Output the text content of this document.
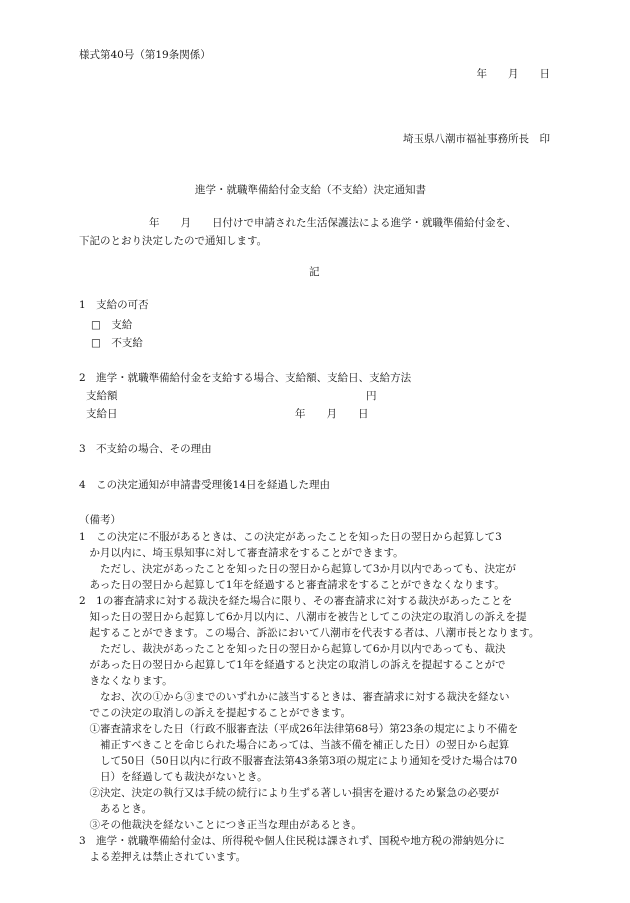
様式第40号（第19条関係）
年　　月　　日
埼玉県八潮市福祉事務所長　印
進学・就職準備給付金支給（不支給）決定通知書
年　　月　　日付けで申請された生活保護法による進学・就職準備給付金を、
下記のとおり決定したので通知します。
記
1　支給の可否
□　支給
□　不支給
2　進学・就職準備給付金を支給する場合、支給額、支給日、支給方法
支給額	円
支給日	年　　月　　日
3　不支給の場合、その理由
4　この決定通知が申請書受理後14日を経過した理由
（備考）
1　この決定に不服があるときは、この決定があったことを知った日の翌日から起算して3
　か月以内に、埼玉県知事に対して審査請求をすることができます。
　　ただし、決定があったことを知った日の翌日から起算して3か月以内であっても、決定が
　あった日の翌日から起算して1年を経過すると審査請求をすることができなくなります。
2　1の審査請求に対する裁決を経た場合に限り、その審査請求に対する裁決があったことを
　知った日の翌日から起算して6か月以内に、八潮市を被告としてこの決定の取消しの訴えを提
　起することができます。この場合、訴訟において八潮市を代表する者は、八潮市長となります。
　　ただし、裁決があったことを知った日の翌日から起算して6か月以内であっても、裁決
　があった日の翌日から起算して1年を経過すると決定の取消しの訴えを提起することがで
　きなくなります。
　　なお、次の①から③までのいずれかに該当するときは、審査請求に対する裁決を経ない
　でこの決定の取消しの訴えを提起することができます。
　①審査請求をした日（行政不服審査法（平成26年法律第68号）第23条の規定により不備を
　　補正すべきことを命じられた場合にあっては、当該不備を補正した日）の翌日から起算
　　して50日（50日以内に行政不服審査法第43条第3項の規定により通知を受けた場合は70
　　日）を経過しても裁決がないとき。
　②決定、決定の執行又は手続の続行により生ずる著しい損害を避けるため緊急の必要が
　　あるとき。
　③その他裁決を経ないことにつき正当な理由があるとき。
3　進学・就職準備給付金は、所得税や個人住民税は課されず、国税や地方税の滞納処分に
　よる差押えは禁止されています。
